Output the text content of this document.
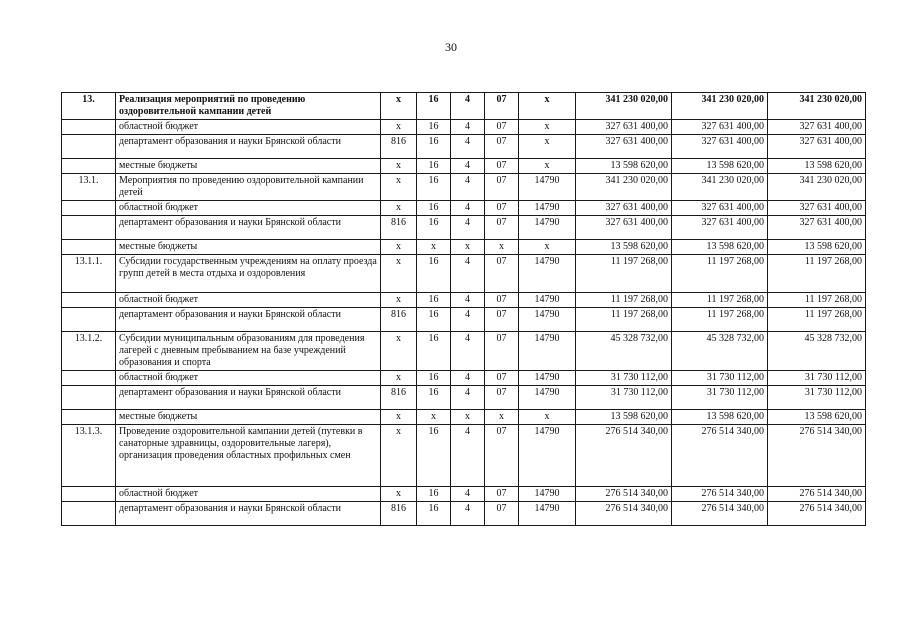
30
13.	Реализация мероприятий по проведению оздоровительной кампании детей	х	16	4	07	х	341 230 020,00	341 230 020,00	341 230 020,00
	областной бюджет	х	16	4	07	х	327 631 400,00	327 631 400,00	327 631 400,00
	департамент образования и науки Брянской области	816	16	4	07	х	327 631 400,00	327 631 400,00	327 631 400,00
	местные бюджеты	х	16	4	07	х	13 598 620,00	13 598 620,00	13 598 620,00
13.1.	Мероприятия по проведению оздоровительной кампании детей	х	16	4	07	14790	341 230 020,00	341 230 020,00	341 230 020,00
	областной бюджет	х	16	4	07	14790	327 631 400,00	327 631 400,00	327 631 400,00
	департамент образования и науки Брянской области	816	16	4	07	14790	327 631 400,00	327 631 400,00	327 631 400,00
	местные бюджеты	х	х	х	х	х	13 598 620,00	13 598 620,00	13 598 620,00
13.1.1.	Субсидии государственным учреждениям на оплату проезда групп детей в места отдыха и оздоровления	х	16	4	07	14790	11 197 268,00	11 197 268,00	11 197 268,00
	областной бюджет	х	16	4	07	14790	11 197 268,00	11 197 268,00	11 197 268,00
	департамент образования и науки Брянской области	816	16	4	07	14790	11 197 268,00	11 197 268,00	11 197 268,00
13.1.2.	Субсидии муниципальным образованиям для проведения лагерей с дневным пребыванием на базе учреждений образования и спорта	х	16	4	07	14790	45 328 732,00	45 328 732,00	45 328 732,00
	областной бюджет	х	16	4	07	14790	31 730 112,00	31 730 112,00	31 730 112,00
	департамент образования и науки Брянской области	816	16	4	07	14790	31 730 112,00	31 730 112,00	31 730 112,00
	местные бюджеты	х	х	х	х	х	13 598 620,00	13 598 620,00	13 598 620,00
13.1.3.	Проведение оздоровительной кампании детей (путевки в санаторные здравницы, оздоровительные лагеря), организация проведения областных профильных смен	х	16	4	07	14790	276 514 340,00	276 514 340,00	276 514 340,00
	областной бюджет	х	16	4	07	14790	276 514 340,00	276 514 340,00	276 514 340,00
	департамент образования и науки Брянской области	816	16	4	07	14790	276 514 340,00	276 514 340,00	276 514 340,00
